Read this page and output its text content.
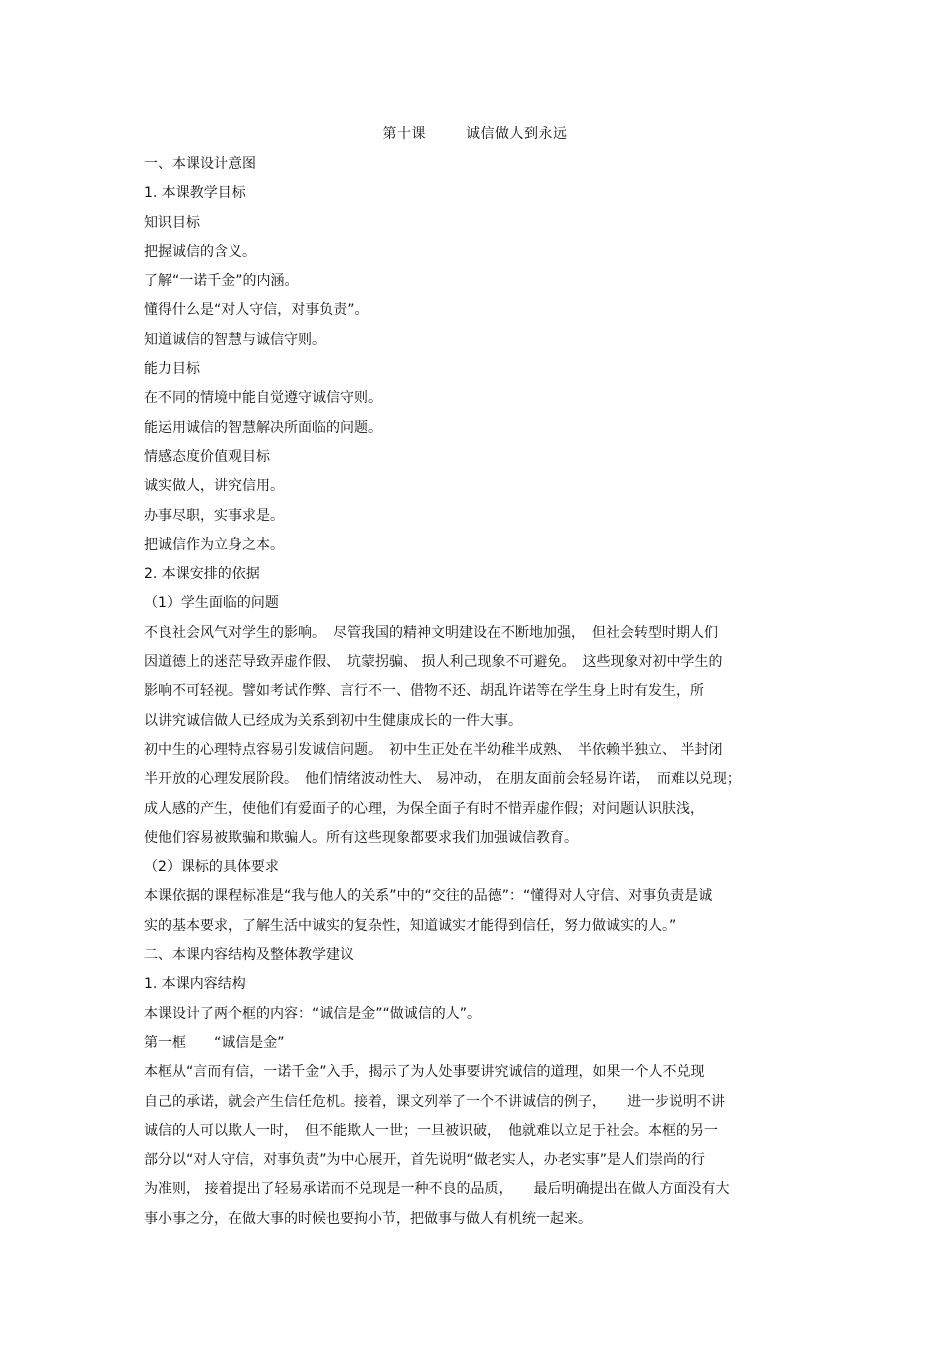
第十课	诚信做人到永远
一、本课设计意图
1. 本课教学目标
知识目标
把握诚信的含义。
了解“一诺千金”的内涵。
懂得什么是“对人守信，对事负责”。
知道诚信的智慧与诚信守则。
能力目标
在不同的情境中能自觉遵守诚信守则。
能运用诚信的智慧解决所面临的问题。
情感态度价值观目标
诚实做人，讲究信用。
办事尽职，实事求是。
把诚信作为立身之本。
2. 本课安排的依据
（1）学生面临的问题
不良社会风气对学生的影响。　尽管我国的精神文明建设在不断地加强，　但社会转型时期人们
因道德上的迷茫导致弄虚作假、　坑蒙拐骗、 损人利己现象不可避免。　这些现象对初中学生的
影响不可轻视。譬如考试作弊、言行不一、借物不还、胡乱许诺等在学生身上时有发生，所
以讲究诚信做人已经成为关系到初中生健康成长的一件大事。
初中生的心理特点容易引发诚信问题。　初中生正处在半幼稚半成熟、　半依赖半独立、 半封闭
半开放的心理发展阶段。　他们情绪波动性大、 易冲动， 在朋友面前会轻易许诺，　而难以兑现；
成人感的产生，使他们有爱面子的心理，为保全面子有时不惜弄虚作假；对问题认识肤浅，
使他们容易被欺骗和欺骗人。所有这些现象都要求我们加强诚信教育。
（2）课标的具体要求
本课依据的课程标准是“我与他人的关系”中的“交往的品德”：“懂得对人守信、对事负责是诚
实的基本要求，了解生活中诚实的复杂性，知道诚实才能得到信任，努力做诚实的人。”
二、本课内容结构及整体教学建议
1. 本课内容结构
本课设计了两个框的内容：“诚信是金”“做诚信的人”。
第一框　　“诚信是金”
本框从“言而有信，一诺千金”入手，揭示了为人处事要讲究诚信的道理，如果一个人不兑现
自己的承诺，就会产生信任危机。接着，课文列举了一个不讲诚信的例子，　　进一步说明不讲
诚信的人可以欺人一时，　但不能欺人一世；一旦被识破，　他就难以立足于社会。本框的另一
部分以“对人守信，对事负责”为中心展开，首先说明“做老实人，办老实事”是人们崇尚的行
为准则， 接着提出了轻易承诺而不兑现是一种不良的品质，　　最后明确提出在做人方面没有大
事小事之分，在做大事的时候也要拘小节，把做事与做人有机统一起来。
